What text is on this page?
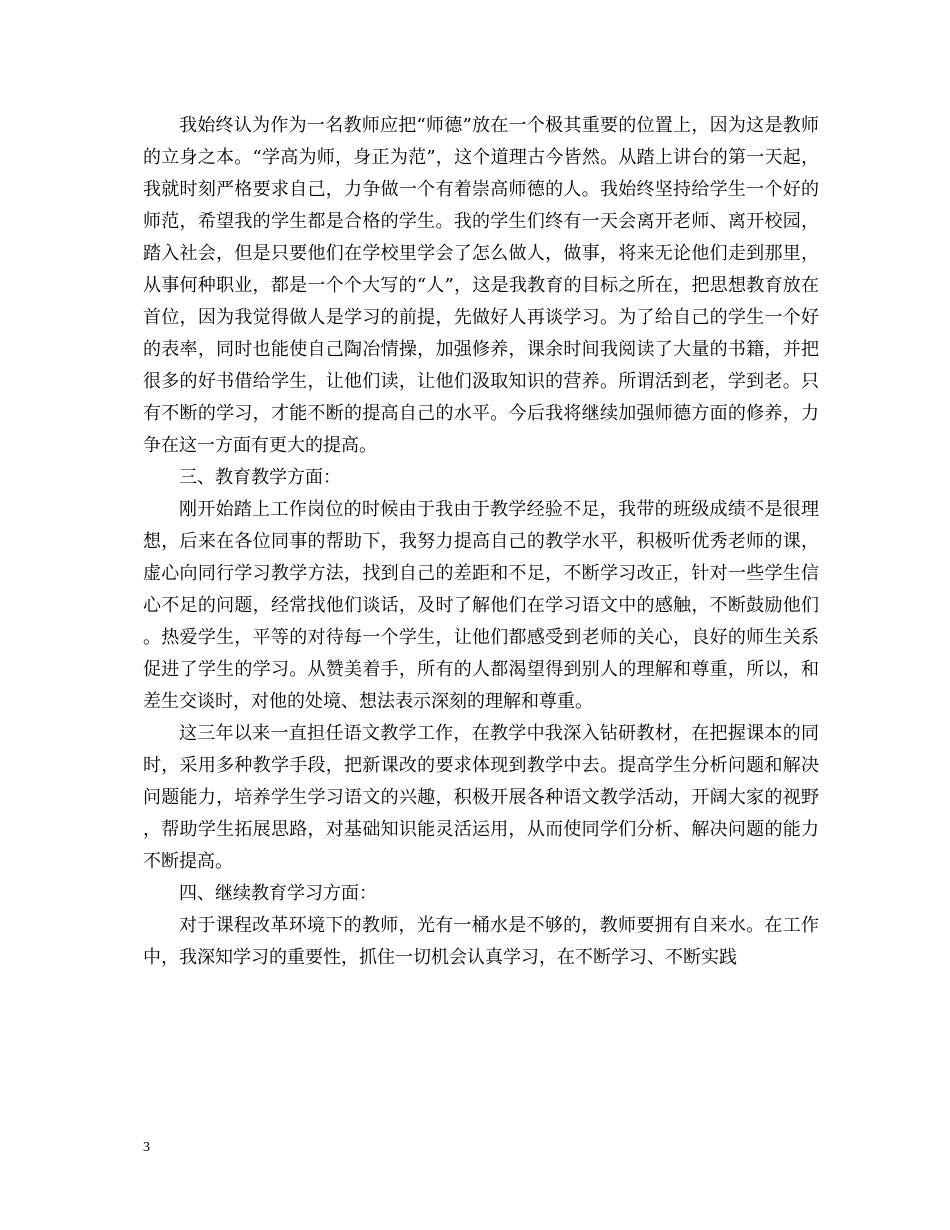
我始终认为作为一名教师应把“师德”放在一个极其重要的位置上，因为这是教师的立身之本。“学高为师，身正为范”，这个道理古今皆然。从踏上讲台的第一天起，我就时刻严格要求自己，力争做一个有着崇高师德的人。我始终坚持给学生一个好的师范，希望我的学生都是合格的学生。我的学生们终有一天会离开老师、离开校园，踏入社会，但是只要他们在学校里学会了怎么做人，做事，将来无论他们走到那里，从事何种职业，都是一个个大写的“人”，这是我教育的目标之所在，把思想教育放在首位，因为我觉得做人是学习的前提，先做好人再谈学习。为了给自己的学生一个好的表率，同时也能使自己陶冶情操，加强修养，课余时间我阅读了大量的书籍，并把很多的好书借给学生，让他们读，让他们汲取知识的营养。所谓活到老，学到老。只有不断的学习，才能不断的提高自己的水平。今后我将继续加强师德方面的修养，力争在这一方面有更大的提高。

三、教育教学方面：

刚开始踏上工作岗位的时候由于我由于教学经验不足，我带的班级成绩不是很理想，后来在各位同事的帮助下，我努力提高自己的教学水平，积极听优秀老师的课，虚心向同行学习教学方法，找到自己的差距和不足，不断学习改正，针对一些学生信心不足的问题，经常找他们谈话，及时了解他们在学习语文中的感触，不断鼓励他们。热爱学生，平等的对待每一个学生，让他们都感受到老师的关心，良好的师生关系促进了学生的学习。从赞美着手，所有的人都渴望得到别人的理解和尊重，所以，和差生交谈时，对他的处境、想法表示深刻的理解和尊重。

这三年以来一直担任语文教学工作，在教学中我深入钻研教材，在把握课本的同时，采用多种教学手段，把新课改的要求体现到教学中去。提高学生分析问题和解决问题能力，培养学生学习语文的兴趣，积极开展各种语文教学活动，开阔大家的视野，帮助学生拓展思路，对基础知识能灵活运用，从而使同学们分析、解决问题的能力不断提高。

四、继续教育学习方面：

对于课程改革环境下的教师，光有一桶水是不够的，教师要拥有自来水。在工作中，我深知学习的重要性，抓住一切机会认真学习，在不断学习、不断实践

3
